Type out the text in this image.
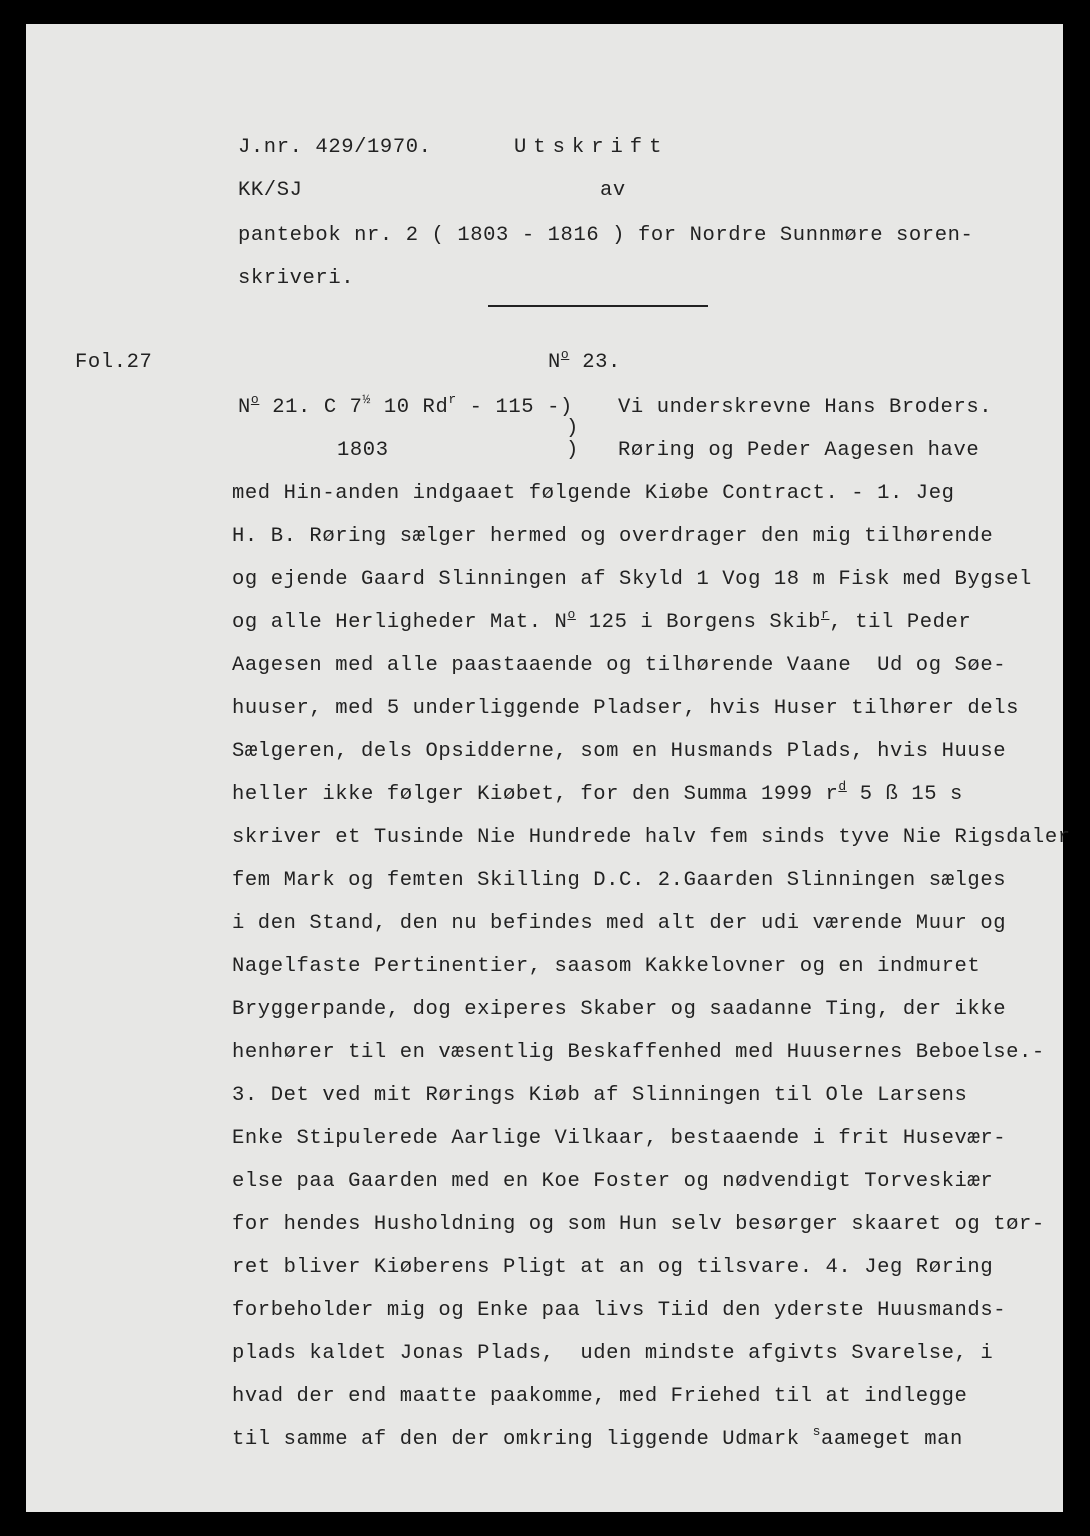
J.nr. 429/1970.	Utskrift

KK/SJ	av

pantebok nr. 2 ( 1803 - 1816 ) for Nordre Sunnmøre soren-

skriveri.

Fol.27	$N^o$ 23.

$N^o$ 21. C $7^{\frac{1}{2}}$ 10 Rd$^r$ - 115 -)

)

1803	)

Vi underskrevne Hans Broders.

Røring og Peder Aagesen have

med Hin-anden indgaaet følgende Kiøbe Contract. - 1. Jeg

H. B. Røring sælger hermed og overdrager den mig tilhørende

og ejende Gaard Slinningen af Skyld 1 Vog 18 m Fisk med Bygsel

og alle Herligheder Mat. $N^o$ 125 i Borgens Skib$^r$, til Peder

Aagesen med alle paastaaende og tilhørende Vaane  Ud og Søe-

huuser, med 5 underliggende Pladser, hvis Huser tilhører dels

Sælgeren, dels Opsidderne, som en Husmands Plads, hvis Huuse

heller ikke følger Kiøbet, for den Summa 1999 $r^d$ 5 ß 15 s

skriver et Tusinde Nie Hundrede halv fem sinds tyve Nie Rigsdaler

fem Mark og femten Skilling D.C. 2.Gaarden Slinningen sælges

i den Stand, den nu befindes med alt der udi værende Muur og

Nagelfaste Pertinentier, saasom Kakkelovner og en indmuret

Bryggerpande, dog exiperes Skaber og saadanne Ting, der ikke

henhører til en væsentlig Beskaffenhed med Huusernes Beboelse.-

3. Det ved mit Rørings Kiøb af Slinningen til Ole Larsens

Enke Stipulerede Aarlige Vilkaar, bestaaende i frit Husevær-

else paa Gaarden med en Koe Foster og nødvendigt Torveskiær

for hendes Husholdning og som Hun selv besørger skaaret og tør-

ret bliver Kiøberens Pligt at an og tilsvare. 4. Jeg Røring

forbeholder mig og Enke paa livs Tiid den yderste Huusmands-

plads kaldet Jonas Plads,  uden mindste afgivts Svarelse, i

hvad der end maatte paakomme, med Friehed til at indlegge

til samme af den der omkring liggende Udmark $^s$aameget man
